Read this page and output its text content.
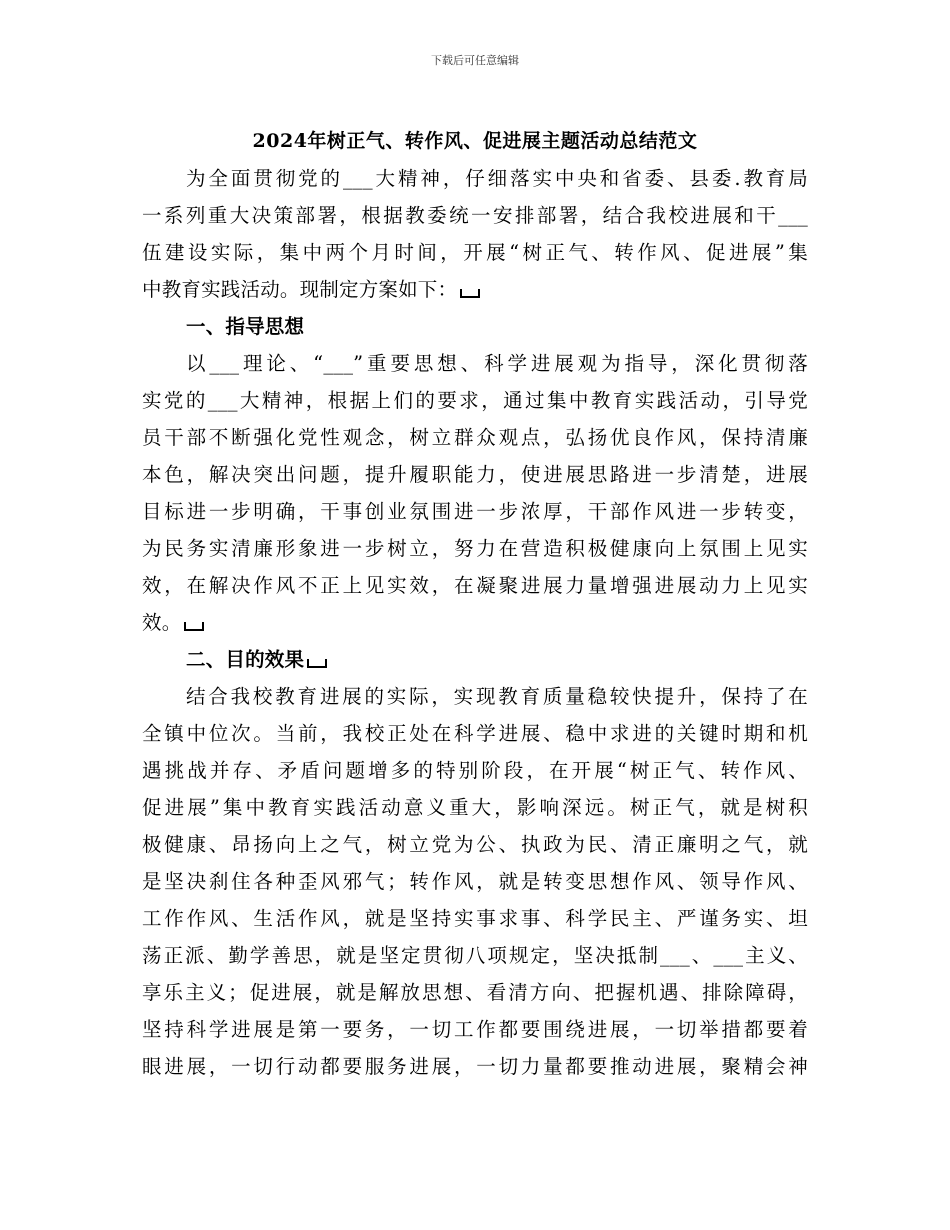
下载后可任意编辑
2024年树正气、转作风、促进展主题活动总结范文
为全面贯彻党的___大精神，仔细落实中央和省委、县委.教育局
一系列重大决策部署，根据教委统一安排部署，结合我校进展和干___
伍建设实际，集中两个月时间，开展“树正气、转作风、促进展”集
中教育实践活动。现制定方案如下：
一、指导思想
以___理论、“___”重要思想、科学进展观为指导，深化贯彻落
实党的___大精神，根据上们的要求，通过集中教育实践活动，引导党
员干部不断强化党性观念，树立群众观点，弘扬优良作风，保持清廉
本色，解决突出问题，提升履职能力，使进展思路进一步清楚，进展
目标进一步明确，干事创业氛围进一步浓厚，干部作风进一步转变，
为民务实清廉形象进一步树立，努力在营造积极健康向上氛围上见实
效，在解决作风不正上见实效，在凝聚进展力量增强进展动力上见实
效。
二、目的效果
结合我校教育进展的实际，实现教育质量稳较快提升，保持了在
全镇中位次。当前，我校正处在科学进展、稳中求进的关键时期和机
遇挑战并存、矛盾问题增多的特别阶段，在开展“树正气、转作风、
促进展”集中教育实践活动意义重大，影响深远。树正气，就是树积
极健康、昂扬向上之气，树立党为公、执政为民、清正廉明之气，就
是坚决刹住各种歪风邪气；转作风，就是转变思想作风、领导作风、
工作作风、生活作风，就是坚持实事求事、科学民主、严谨务实、坦
荡正派、勤学善思，就是坚定贯彻八项规定，坚决抵制___、___主义、
享乐主义；促进展，就是解放思想、看清方向、把握机遇、排除障碍，
坚持科学进展是第一要务，一切工作都要围绕进展，一切举措都要着
眼进展，一切行动都要服务进展，一切力量都要推动进展，聚精会神
